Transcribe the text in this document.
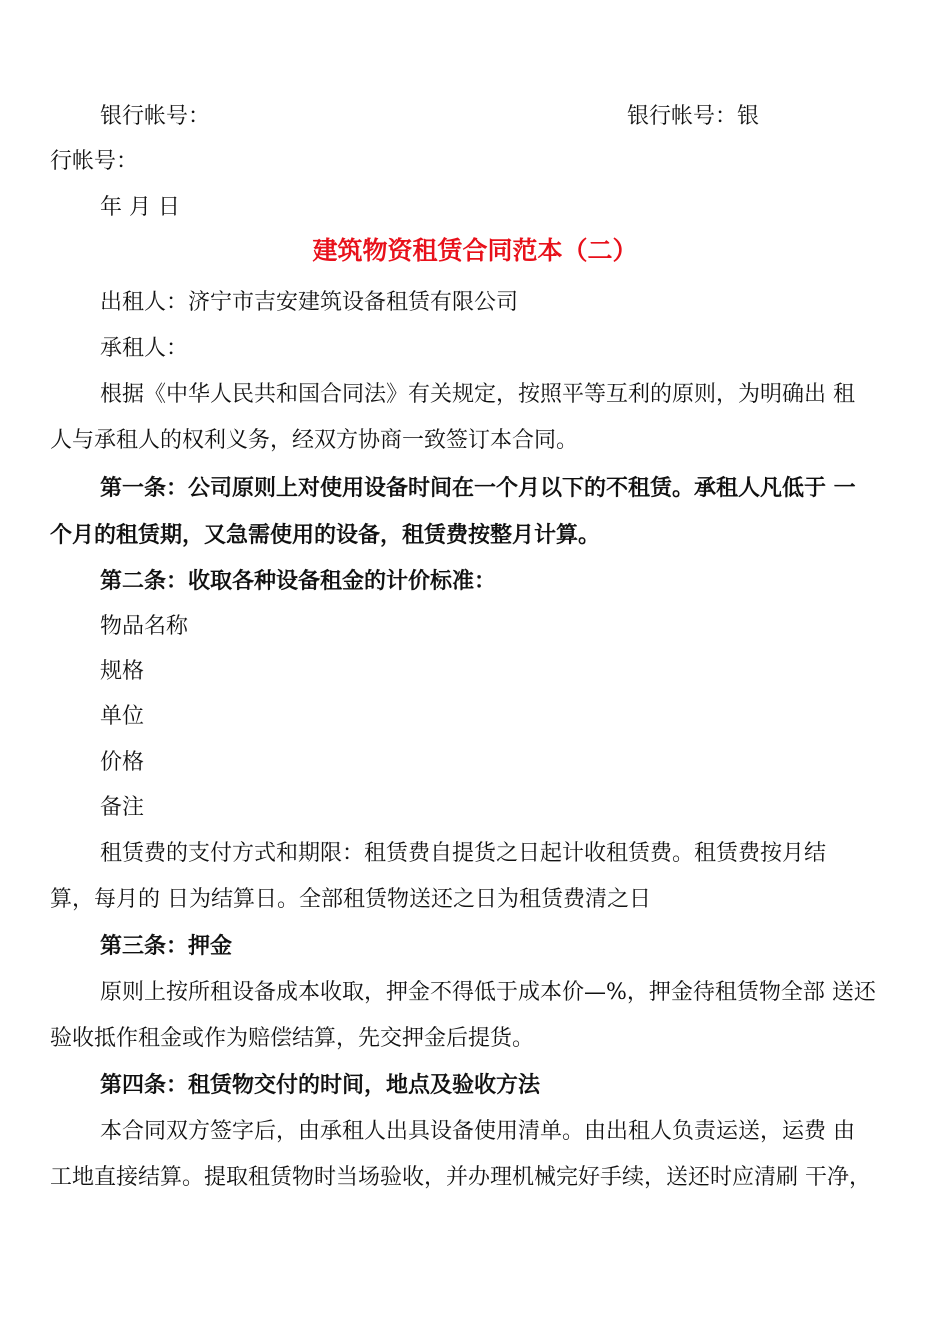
银行帐号：	银行帐号：银
行帐号：
年 月 日
建筑物资租赁合同范本（二）
出租人：济宁市吉安建筑设备租赁有限公司
承租人：
根据《中华人民共和国合同法》有关规定，按照平等互利的原则，为明确出 租
人与承租人的权利义务，经双方协商一致签订本合同。
第一条：公司原则上对使用设备时间在一个月以下的不租赁。承租人凡低于 一
个月的租赁期，又急需使用的设备，租赁费按整月计算。
第二条：收取各种设备租金的计价标准：
物品名称
规格
单位
价格
备注
租赁费的支付方式和期限：租赁费自提货之日起计收租赁费。租赁费按月结
算，每月的 日为结算日。全部租赁物送还之日为租赁费清之日
第三条：押金
原则上按所租设备成本收取，押金不得低于成本价—%，押金待租赁物全部 送还
验收抵作租金或作为赔偿结算，先交押金后提货。
第四条：租赁物交付的时间，地点及验收方法
本合同双方签字后，由承租人出具设备使用清单。由出租人负责运送，运费 由
工地直接结算。提取租赁物时当场验收，并办理机械完好手续，送还时应清刷 干净，
